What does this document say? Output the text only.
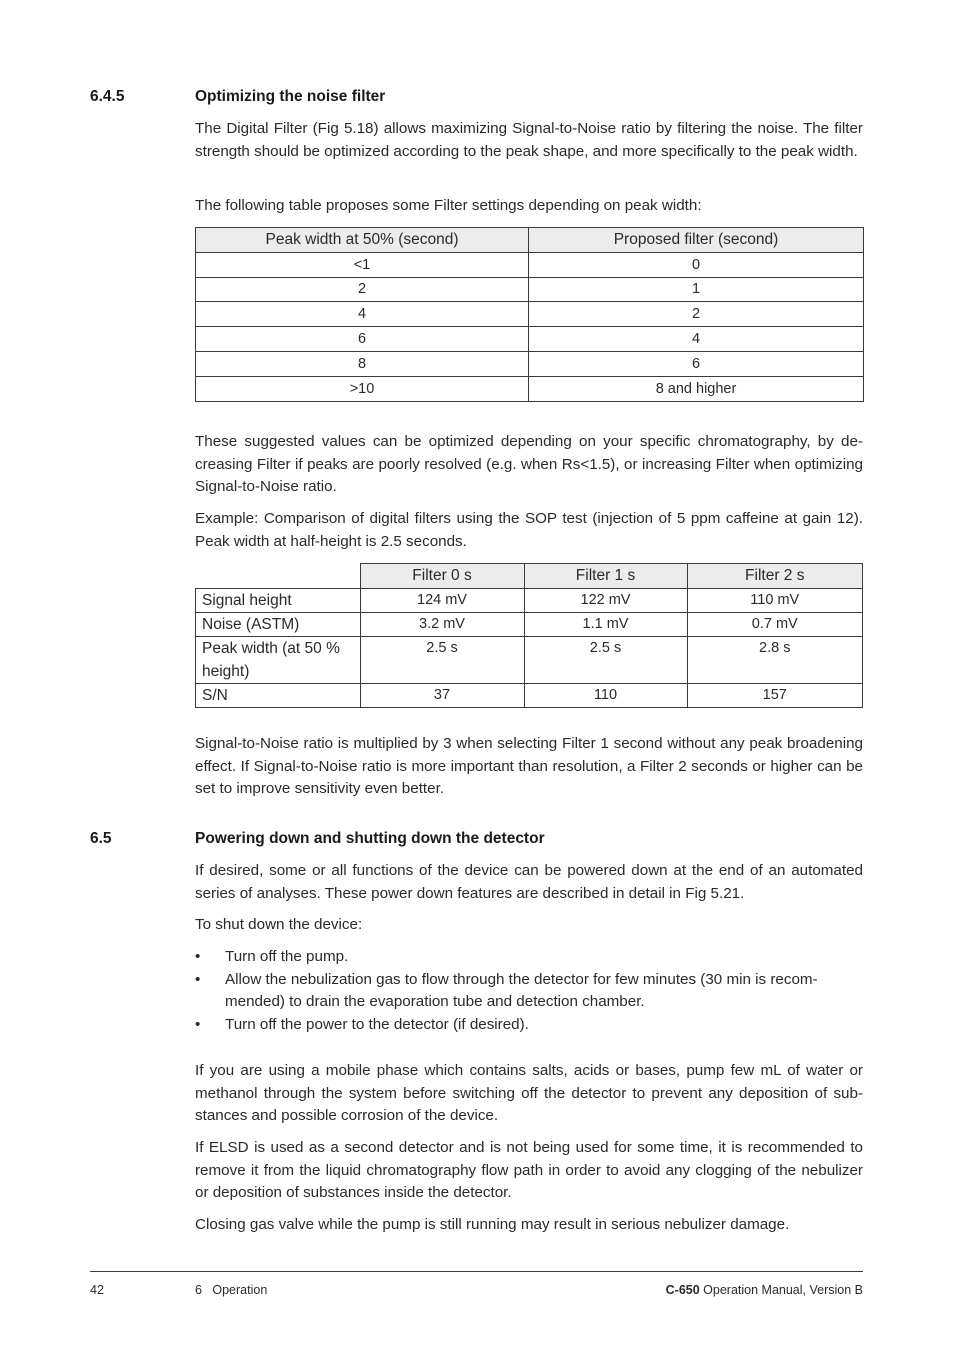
6.4.5	Optimizing the noise filter

The Digital Filter (Fig 5.18) allows maximizing Signal-to-Noise ratio by filtering the noise. The filter strength should be optimized according to the peak shape, and more specifically to the peak width.

The following table proposes some Filter settings depending on peak width:

Peak width at 50% (second)	Proposed filter (second)
<1	0
2	1
4	2
6	4
8	6
>10	8 and higher

These suggested values can be optimized depending on your specific chromatography, by decreasing Filter if peaks are poorly resolved (e.g. when Rs<1.5), or increasing Filter when optimizing Signal-to-Noise ratio.

Example: Comparison of digital filters using the SOP test (injection of 5 ppm caffeine at gain 12). Peak width at half-height is 2.5 seconds.

	Filter 0 s	Filter 1 s	Filter 2 s
Signal height	124 mV	122 mV	110 mV
Noise (ASTM)	3.2 mV	1.1 mV	0.7 mV
Peak width (at 50 % height)	2.5 s	2.5 s	2.8 s
S/N	37	110	157

Signal-to-Noise ratio is multiplied by 3 when selecting Filter 1 second without any peak broadening effect. If Signal-to-Noise ratio is more important than resolution, a Filter 2 seconds or higher can be set to improve sensitivity even better.

6.5	Powering down and shutting down the detector

If desired, some or all functions of the device can be powered down at the end of an automated series of analyses. These power down features are described in detail in Fig 5.21.

To shut down the device:

• Turn off the pump.
• Allow the nebulization gas to flow through the detector for few minutes (30 min is recommended) to drain the evaporation tube and detection chamber.
• Turn off the power to the detector (if desired).

If you are using a mobile phase which contains salts, acids or bases, pump few mL of water or methanol through the system before switching off the detector to prevent any deposition of substances and possible corrosion of the device.

If ELSD is used as a second detector and is not being used for some time, it is recommended to remove it from the liquid chromatography flow path in order to avoid any clogging of the nebulizer or deposition of substances inside the detector.

Closing gas valve while the pump is still running may result in serious nebulizer damage.

42	6   Operation	C-650 Operation Manual, Version B
